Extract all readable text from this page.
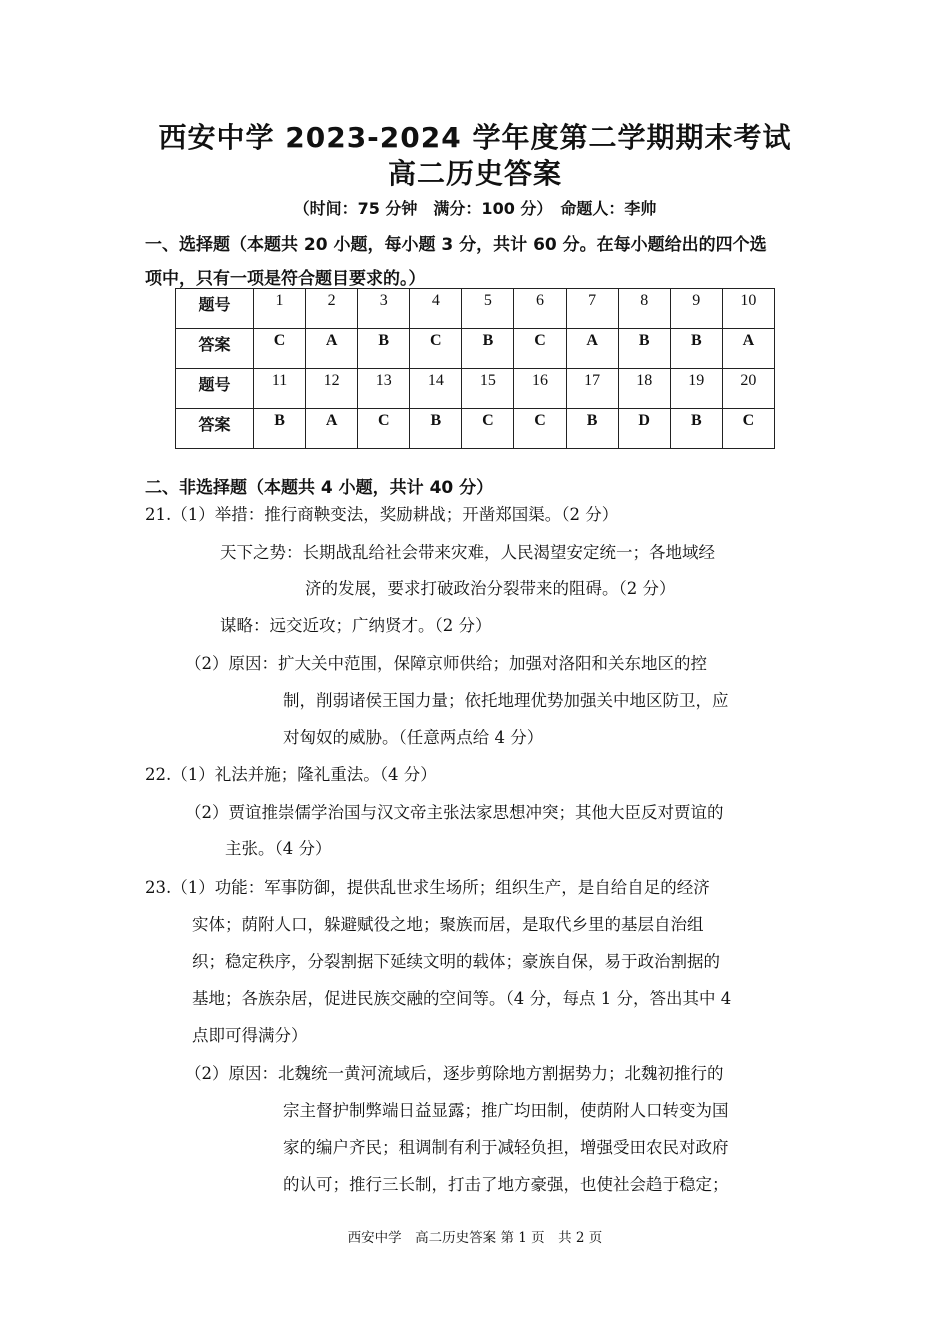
西安中学 2023-2024 学年度第二学期期末考试
高二历史答案
（时间：75 分钟　满分：100 分）　命题人：李帅
一、选择题（本题共 20 小题，每小题 3 分，共计 60 分。在每小题给出的四个选
项中，只有一项是符合题目要求的。）
题号	1	2	3	4	5	6	7	8	9	10
答案	C	A	B	C	B	C	A	B	B	A
题号	11	12	13	14	15	16	17	18	19	20
答案	B	A	C	B	C	C	B	D	B	C
二、非选择题（本题共 4 小题，共计 40 分）
21.（1）举措：推行商鞅变法，奖励耕战；开凿郑国渠。（2 分）
天下之势：长期战乱给社会带来灾难，人民渴望安定统一；各地域经
济的发展，要求打破政治分裂带来的阻碍。（2 分）
谋略：远交近攻；广纳贤才。（2 分）
（2）原因：扩大关中范围，保障京师供给；加强对洛阳和关东地区的控
制，削弱诸侯王国力量；依托地理优势加强关中地区防卫，应
对匈奴的威胁。（任意两点给 4 分）
22.（1）礼法并施；隆礼重法。（4 分）
（2）贾谊推崇儒学治国与汉文帝主张法家思想冲突；其他大臣反对贾谊的
主张。（4 分）
23.（1）功能：军事防御，提供乱世求生场所；组织生产，是自给自足的经济
实体；荫附人口，躲避赋役之地；聚族而居，是取代乡里的基层自治组
织；稳定秩序，分裂割据下延续文明的载体；豪族自保，易于政治割据的
基地；各族杂居，促进民族交融的空间等。（4 分，每点 1 分，答出其中 4
点即可得满分）
（2）原因：北魏统一黄河流域后，逐步剪除地方割据势力；北魏初推行的
宗主督护制弊端日益显露；推广均田制，使荫附人口转变为国
家的编户齐民；租调制有利于减轻负担，增强受田农民对政府
的认可；推行三长制，打击了地方豪强，也使社会趋于稳定；
西安中学　高二历史答案 第 1 页　共 2 页
